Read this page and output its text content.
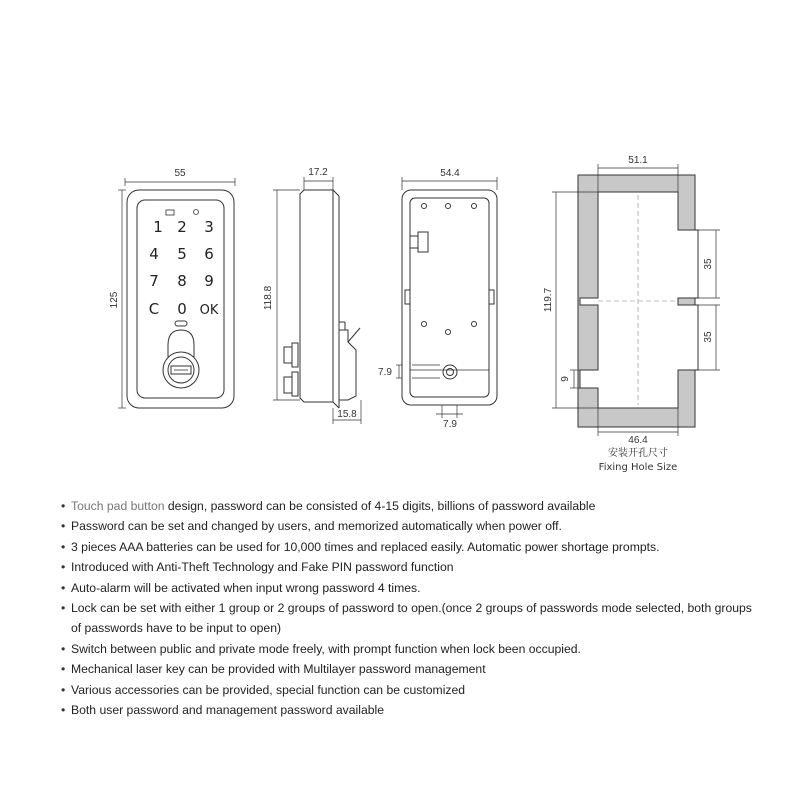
55
125
1 2 3
4 5 6
7 8 9
C 0 OK
17.2
118.8
15.8
54.4
7.9
7.9
51.1
119.7
35
35
9
46.4
安装开孔尺寸
Fixing Hole Size
• Touch pad button design, password can be consisted of 4-15 digits, billions of password available
• Password can be set and changed by users, and memorized automatically when power off.
• 3 pieces AAA batteries can be used for 10,000 times and replaced easily. Automatic power shortage prompts.
• Introduced with Anti-Theft Technology and Fake PIN password function
• Auto-alarm will be activated when input wrong password 4 times.
• Lock can be set with either 1 group or 2 groups of password to open.(once 2 groups of passwords mode selected, both groups of passwords have to be input to open)
• Switch between public and private mode freely, with prompt function when lock been occupied.
• Mechanical laser key can be provided with Multilayer password management
• Various accessories can be provided, special function can be customized
• Both user password and management password available
